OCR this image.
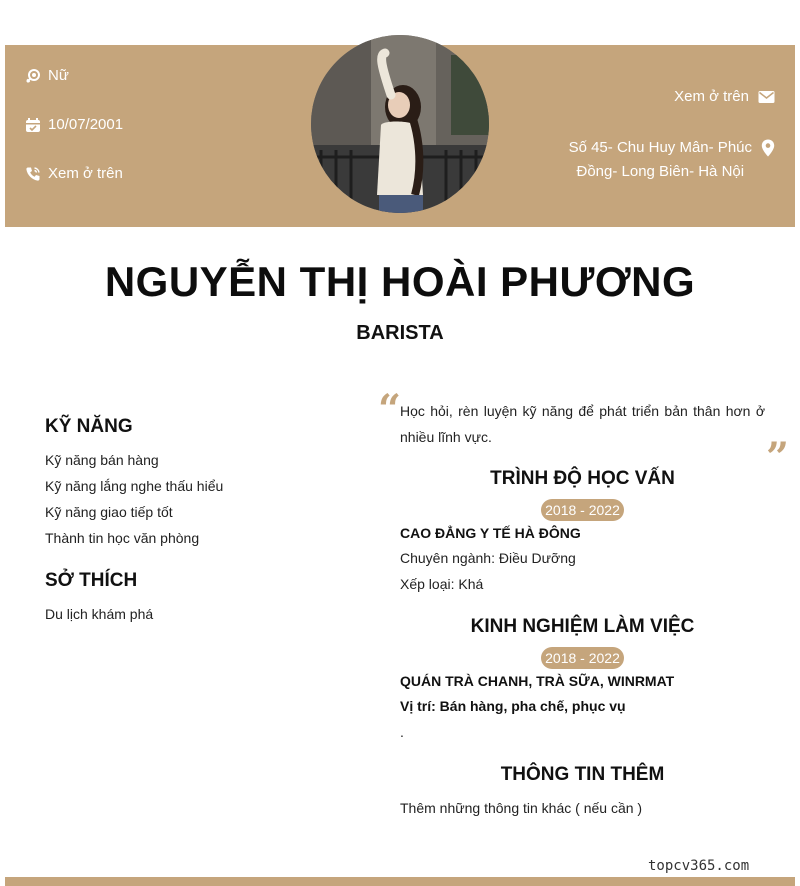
Nữ
10/07/2001
Xem ở trên
Xem ở trên
Số 45- Chu Huy Mân- Phúc
Đồng- Long Biên- Hà Nội
NGUYỄN THỊ HOÀI PHƯƠNG
BARISTA
KỸ NĂNG
Kỹ năng bán hàng
Kỹ năng lắng nghe thấu hiểu
Kỹ năng giao tiếp tốt
Thành tin học văn phòng
SỞ THÍCH
Du lịch khám phá
“
Học hỏi, rèn luyện kỹ năng để phát triển bản thân hơn ở nhiều lĩnh vực.	”
TRÌNH ĐỘ HỌC VẤN
2018 - 2022
CAO ĐẲNG Y TẾ HÀ ĐÔNG
Chuyên ngành: Điều Dưỡng
Xếp loại: Khá
KINH NGHIỆM LÀM VIỆC
2018 - 2022
QUÁN TRÀ CHANH, TRÀ SỮA, WINRMAT
Vị trí: Bán hàng, pha chế, phục vụ
.
THÔNG TIN THÊM
Thêm những thông tin khác ( nếu cần )
topcv365.com
